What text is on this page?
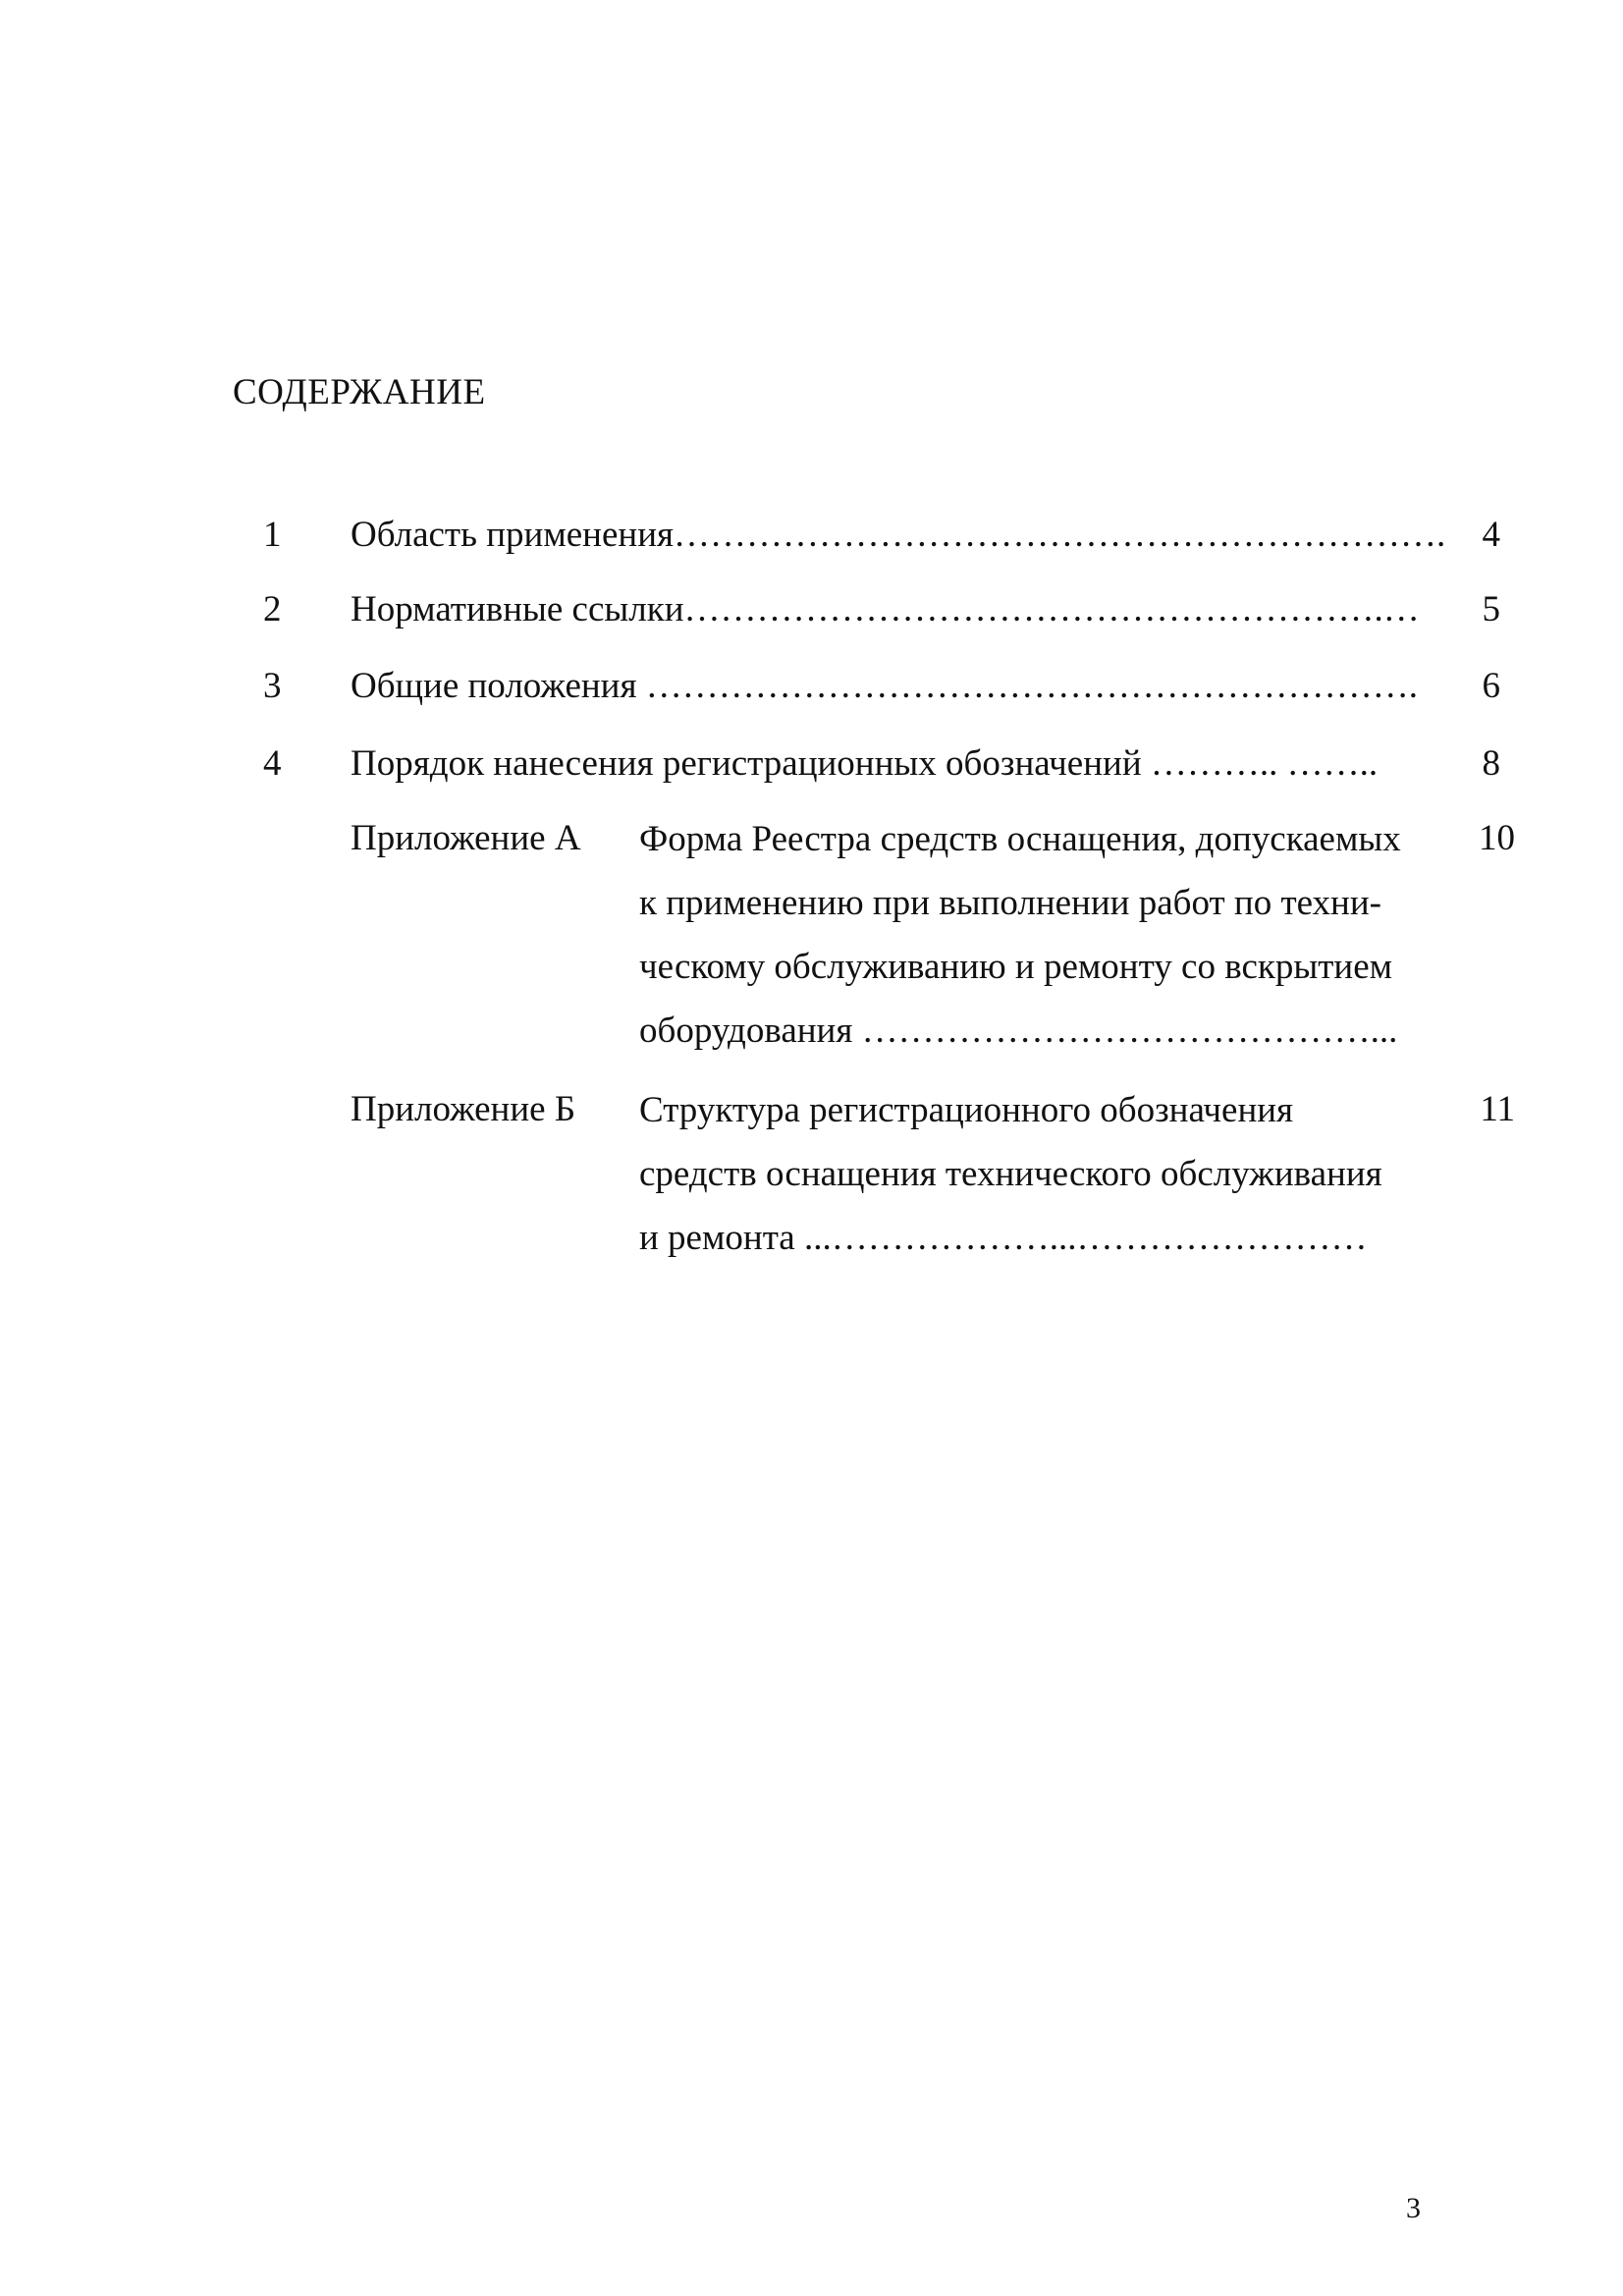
СОДЕРЖАНИЕ
1 Область применения………………………………………………………. 4
2 Нормативные ссылки………………………………………………….… 5
3 Общие положения ………………………………………………………. 6
4 Порядок нанесения регистрационных обозначений ……….. ……..	8
Приложение А Форма Реестра средств оснащения, допускаемых
к применению при выполнении работ по техни-
ческому обслуживанию и ремонту со вскрытием
оборудования ……………………………………...
10
Приложение Б Структура регистрационного обозначения
средств оснащения технического обслуживания
и ремонта ...………………...……………………
11
3
